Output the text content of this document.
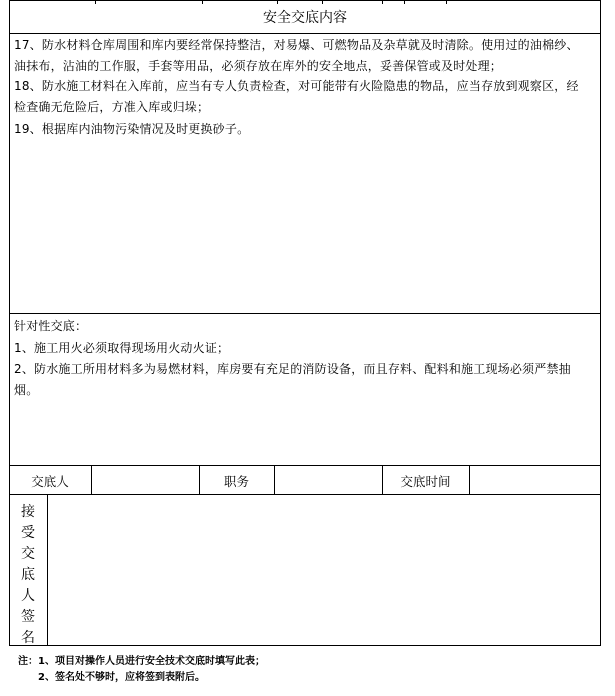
安全交底内容
17、防水材料仓库周围和库内要经常保持整洁，对易爆、可燃物品及杂草就及时清除。使用过的油棉纱、
油抹布，沾油的工作服，手套等用品，必须存放在库外的安全地点，妥善保管或及时处理；
18、防水施工材料在入库前，应当有专人负责检查，对可能带有火险隐患的物品，应当存放到观察区，经
检查确无危险后，方准入库或归垛；
19、根据库内油物污染情况及时更换砂子。
针对性交底：
1、施工用火必须取得现场用火动火证；
2、防水施工所用材料多为易燃材料，库房要有充足的消防设备，而且存料、配料和施工现场必须严禁抽
烟。
交底人	职务	交底时间
接
受
交
底
人
签
名
注：1、项目对操作人员进行安全技术交底时填写此表；
2、签名处不够时，应将签到表附后。
